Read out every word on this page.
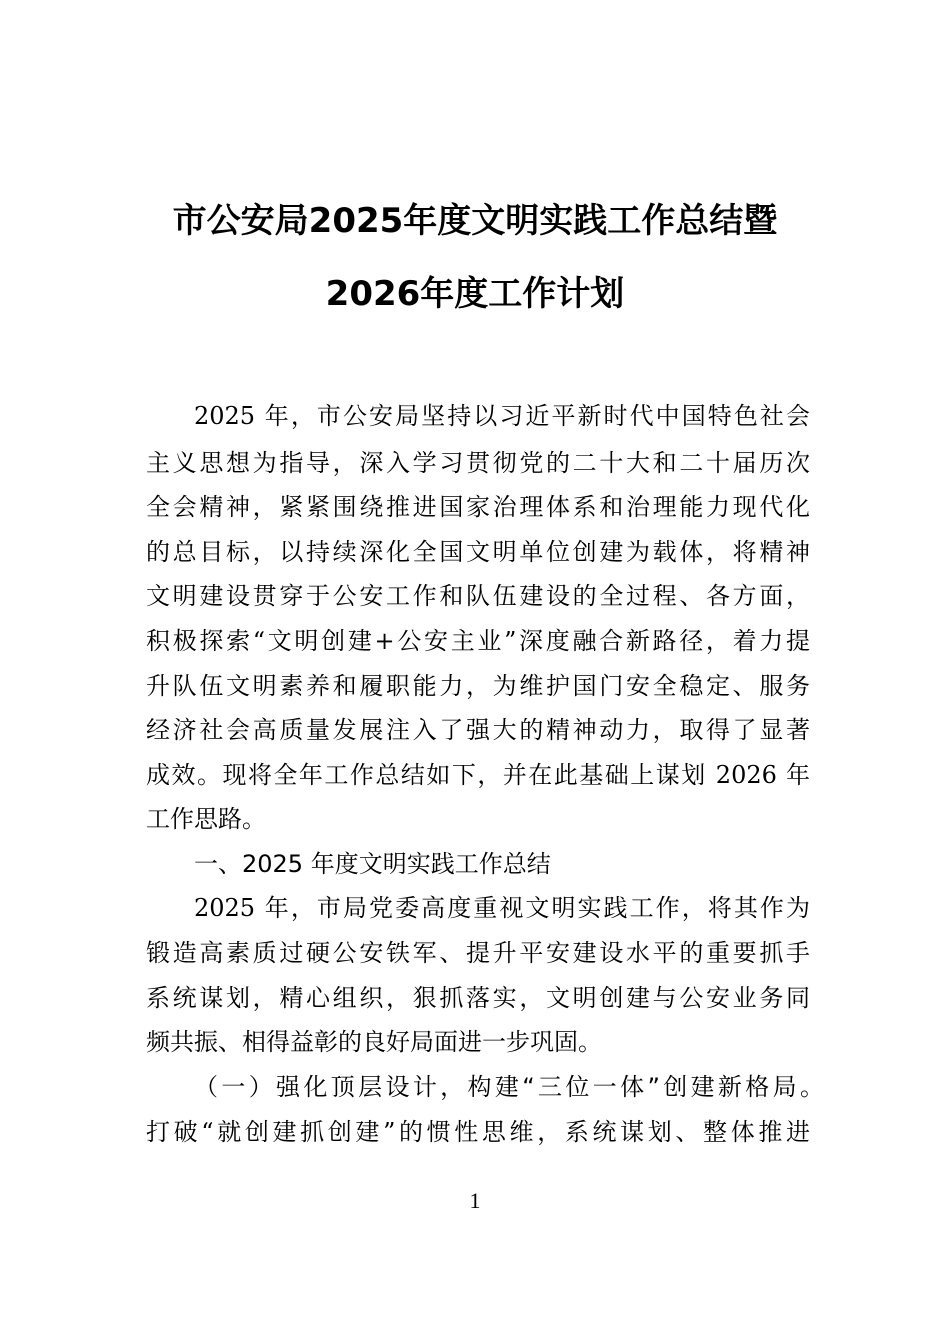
市公安局2025年度文明实践工作总结暨
2026年度工作计划
2025 年，市公安局坚持以习近平新时代中国特色社会
主义思想为指导，深入学习贯彻党的二十大和二十届历次
全会精神，紧紧围绕推进国家治理体系和治理能力现代化
的总目标，以持续深化全国文明单位创建为载体，将精神
文明建设贯穿于公安工作和队伍建设的全过程、各方面，
积极探索“文明创建+公安主业”深度融合新路径，着力提
升队伍文明素养和履职能力，为维护国门安全稳定、服务
经济社会高质量发展注入了强大的精神动力，取得了显著
成效。现将全年工作总结如下，并在此基础上谋划 2026 年
工作思路。
一、2025 年度文明实践工作总结
2025 年，市局党委高度重视文明实践工作，将其作为
锻造高素质过硬公安铁军、提升平安建设水平的重要抓手
系统谋划，精心组织，狠抓落实，文明创建与公安业务同
频共振、相得益彰的良好局面进一步巩固。
（一）强化顶层设计，构建“三位一体”创建新格局。
打破“就创建抓创建”的惯性思维，系统谋划、整体推进
1
